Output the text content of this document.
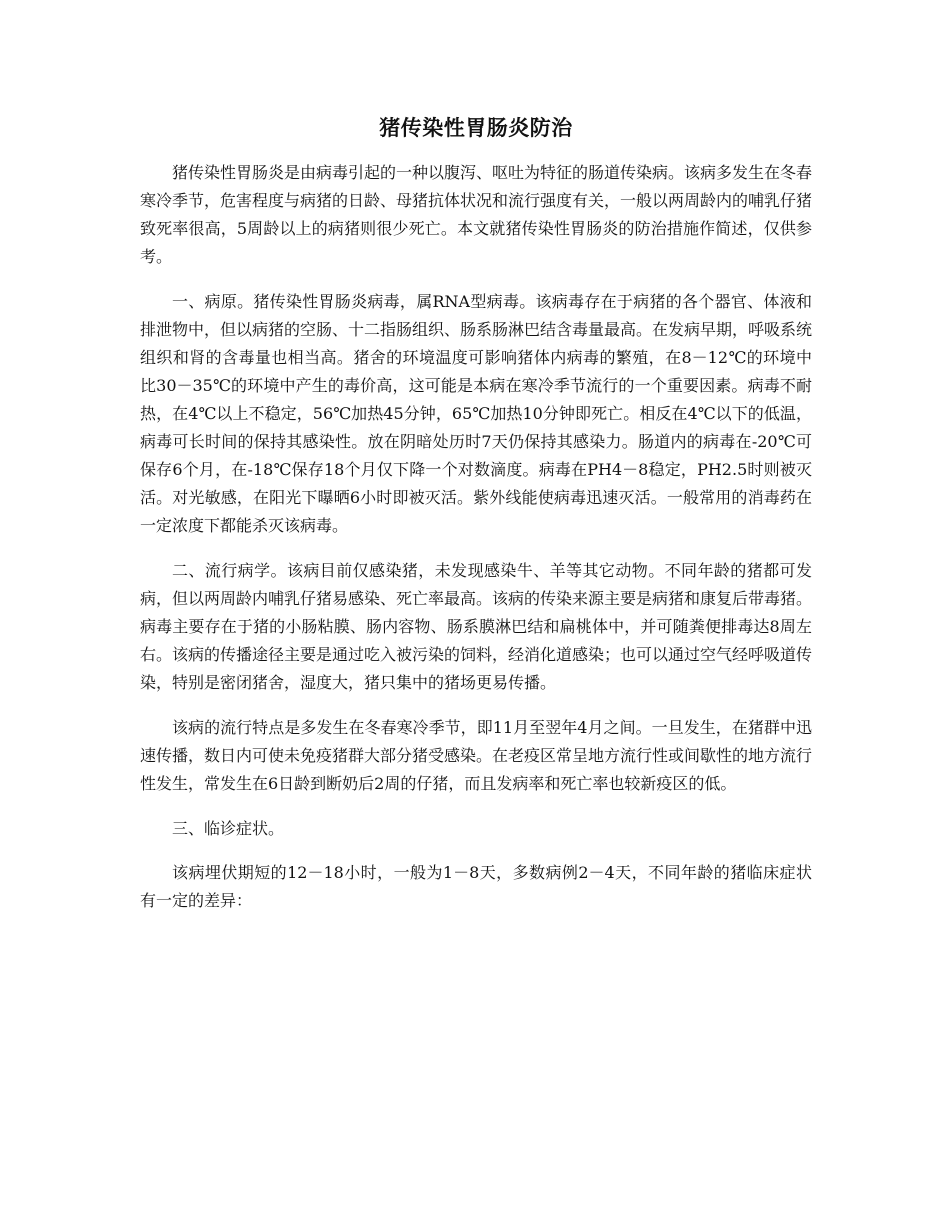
猪传染性胃肠炎防治

猪传染性胃肠炎是由病毒引起的一种以腹泻、呕吐为特征的肠道传染病。该病多发生在冬春寒冷季节，危害程度与病猪的日龄、母猪抗体状况和流行强度有关，一般以两周龄内的哺乳仔猪致死率很高，5周龄以上的病猪则很少死亡。本文就猪传染性胃肠炎的防治措施作简述，仅供参考。

一、病原。猪传染性胃肠炎病毒，属RNA型病毒。该病毒存在于病猪的各个器官、体液和排泄物中，但以病猪的空肠、十二指肠组织、肠系肠淋巴结含毒量最高。在发病早期，呼吸系统组织和肾的含毒量也相当高。猪舍的环境温度可影响猪体内病毒的繁殖，在8－12℃的环境中比30－35℃的环境中产生的毒价高，这可能是本病在寒冷季节流行的一个重要因素。病毒不耐热，在4℃以上不稳定，56℃加热45分钟，65℃加热10分钟即死亡。相反在4℃以下的低温，病毒可长时间的保持其感染性。放在阴暗处历时7天仍保持其感染力。肠道内的病毒在-20℃可保存6个月，在-18℃保存18个月仅下降一个对数滴度。病毒在PH4－8稳定，PH2.5时则被灭活。对光敏感，在阳光下曝晒6小时即被灭活。紫外线能使病毒迅速灭活。一般常用的消毒药在一定浓度下都能杀灭该病毒。

二、流行病学。该病目前仅感染猪，未发现感染牛、羊等其它动物。不同年龄的猪都可发病，但以两周龄内哺乳仔猪易感染、死亡率最高。该病的传染来源主要是病猪和康复后带毒猪。病毒主要存在于猪的小肠粘膜、肠内容物、肠系膜淋巴结和扁桃体中，并可随粪便排毒达8周左右。该病的传播途径主要是通过吃入被污染的饲料，经消化道感染；也可以通过空气经呼吸道传染，特别是密闭猪舍，湿度大，猪只集中的猪场更易传播。

该病的流行特点是多发生在冬春寒冷季节，即11月至翌年4月之间。一旦发生，在猪群中迅速传播，数日内可使未免疫猪群大部分猪受感染。在老疫区常呈地方流行性或间歇性的地方流行性发生，常发生在6日龄到断奶后2周的仔猪，而且发病率和死亡率也较新疫区的低。

三、临诊症状。

该病埋伏期短的12－18小时，一般为1－8天，多数病例2－4天，不同年龄的猪临床症状有一定的差异：
